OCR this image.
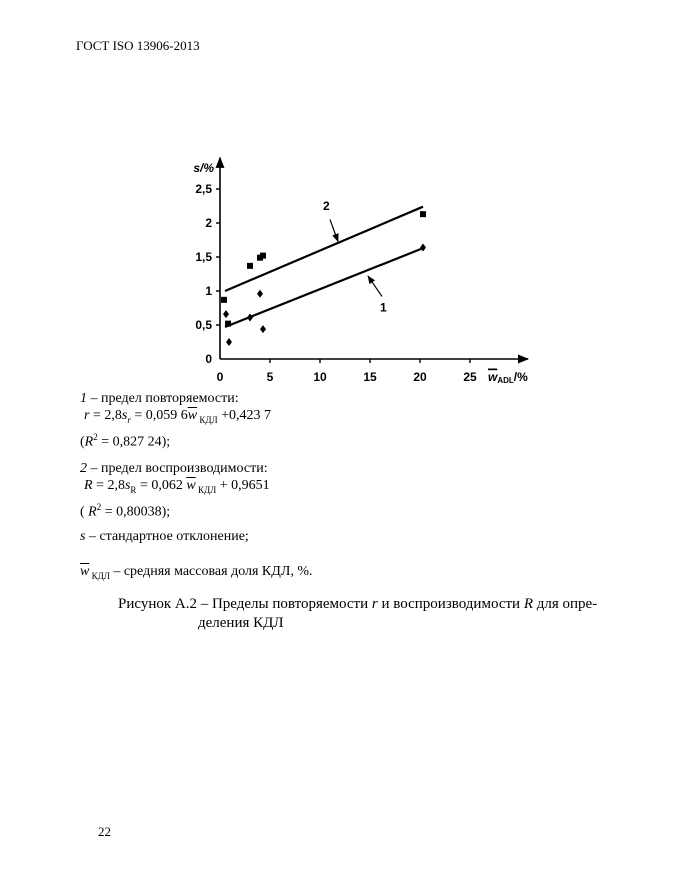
ГОСТ ISO 13906-2013
0
0,5
1
1,5
2
2,5
0	5	10	15	20	25
s/%
wADL/%
1
2
1 – предел повторяемости:
$r = 2,8s_r = 0,059$ $6\overline{w}$ $_{КДЛ}$ +0,423 7
($R^2 = 0,827$ 24);
2 – предел воспроизводимости:
$R = 2,8s_R = 0,062$ $\overline{w}$ $_{КДЛ}$ + 0,9651
( $R^2 = 0,80038$);
s – стандартное отклонение;
$\overline{w}$ $_{КДЛ}$ – средняя массовая доля КДЛ, %.
Рисунок А.2 – Пределы повторяемости r и воспроизводимости R для опре-
деления КДЛ
22
